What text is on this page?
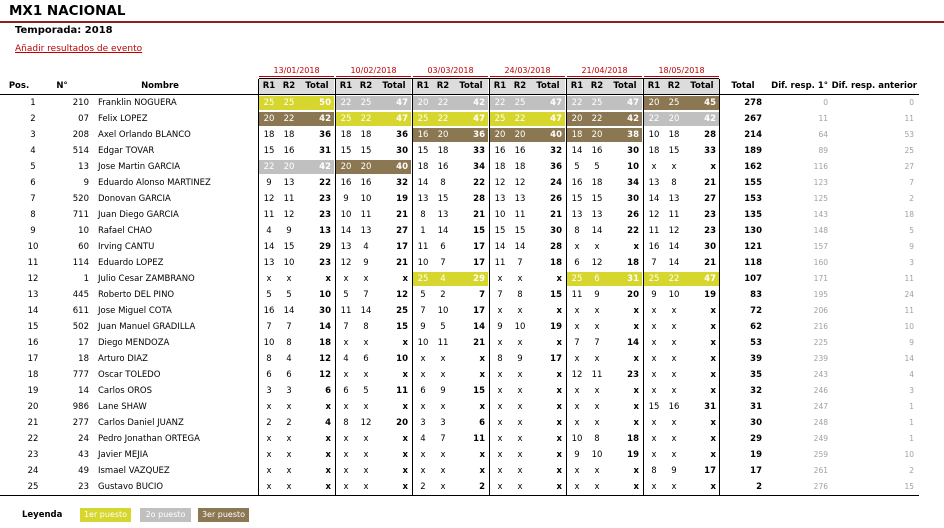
MX1 NACIONAL
Temporada: 2018
Añadir resultados de evento
13/01/2018	10/02/2018	03/03/2018	24/03/2018	21/04/2018	18/05/2018
Pos.	N°	Nombre	Total	Dif. resp. 1° Dif. resp. anterior
R1 R2	Total	R1 R2	Total	R1 R2	Total	R1 R2	Total	R1 R2	Total	R1 R2	Total
1	210 Franklin NOGUERA	25	25	50	22	25	47	20	22	42	22	25	47	22	25	47	20	25	45	278	0	0
2	07 Felix LOPEZ	20	22	42	25	22	47	25	22	47	25	22	47	20	22	42	22	20	42	267	11	11
3	208 Axel Orlando BLANCO	18	18	36	18	18	36	16	20	36	20	20	40	18	20	38	10	18	28	214	64	53
4	514 Edgar TOVAR	15	16	31	15	15	30	15	18	33	16	16	32	14	16	30	18	15	33	189	89	25
5	13 Jose Martin GARCIA	22	20	42	20	20	40	18	16	34	18	18	36	5	5	10	x	x	x	162	116	27
6	9 Eduardo Alonso MARTINEZ	9	13	22	16	16	32	14	8	22	12	12	24	16	18	34	13	8	21	155	123	7
7	520 Donovan GARCIA	12	11	23	9	10	19	13	15	28	13	13	26	15	15	30	14	13	27	153	125	2
8	711 Juan Diego GARCIA	11	12	23	10	11	21	8	13	21	10	11	21	13	13	26	12	11	23	135	143	18
9	10 Rafael CHAO	4	9	13	14	13	27	1	14	15	15	15	30	8	14	22	11	12	23	130	148	5
10	60 Irving CANTU	14	15	29	13	4	17	11	6	17	14	14	28	x	x	x	16	14	30	121	157	9
11	114 Eduardo LOPEZ	13	10	23	12	9	21	10	7	17	11	7	18	6	12	18	7	14	21	118	160	3
12	1 Julio Cesar ZAMBRANO	x	x	x	x	x	x	25	4	29	x	x	x	25	6	31	25	22	47	107	171	11
13	445 Roberto DEL PINO	5	5	10	5	7	12	5	2	7	7	8	15	11	9	20	9	10	19	83	195	24
14	611 Jose Miguel COTA	16	14	30	11	14	25	7	10	17	x	x	x	x	x	x	x	x	x	72	206	11
15	502 Juan Manuel GRADILLA	7	7	14	7	8	15	9	5	14	9	10	19	x	x	x	x	x	x	62	216	10
16	17 Diego MENDOZA	10	8	18	x	x	x	10	11	21	x	x	x	7	7	14	x	x	x	53	225	9
17	18 Arturo DIAZ	8	4	12	4	6	10	x	x	x	8	9	17	x	x	x	x	x	x	39	239	14
18	777 Oscar TOLEDO	6	6	12	x	x	x	x	x	x	x	x	x	12	11	23	x	x	x	35	243	4
19	14 Carlos OROS	3	3	6	6	5	11	6	9	15	x	x	x	x	x	x	x	x	x	32	246	3
20	986 Lane SHAW	x	x	x	x	x	x	x	x	x	x	x	x	x	x	x	15	16	31	31	247	1
21	277 Carlos Daniel JUANZ	2	2	4	8	12	20	3	3	6	x	x	x	x	x	x	x	x	x	30	248	1
22	24 Pedro Jonathan ORTEGA	x	x	x	x	x	x	4	7	11	x	x	x	10	8	18	x	x	x	29	249	1
23	43 Javier MEJIA	x	x	x	x	x	x	x	x	x	x	x	x	9	10	19	x	x	x	19	259	10
24	49 Ismael VAZQUEZ	x	x	x	x	x	x	x	x	x	x	x	x	x	x	x	8	9	17	17	261	2
25	23 Gustavo BUCIO	x	x	x	x	x	x	2	x	2	x	x	x	x	x	x	x	x	x	2	276	15
Leyenda	1er puesto	2o puesto	3er puesto
